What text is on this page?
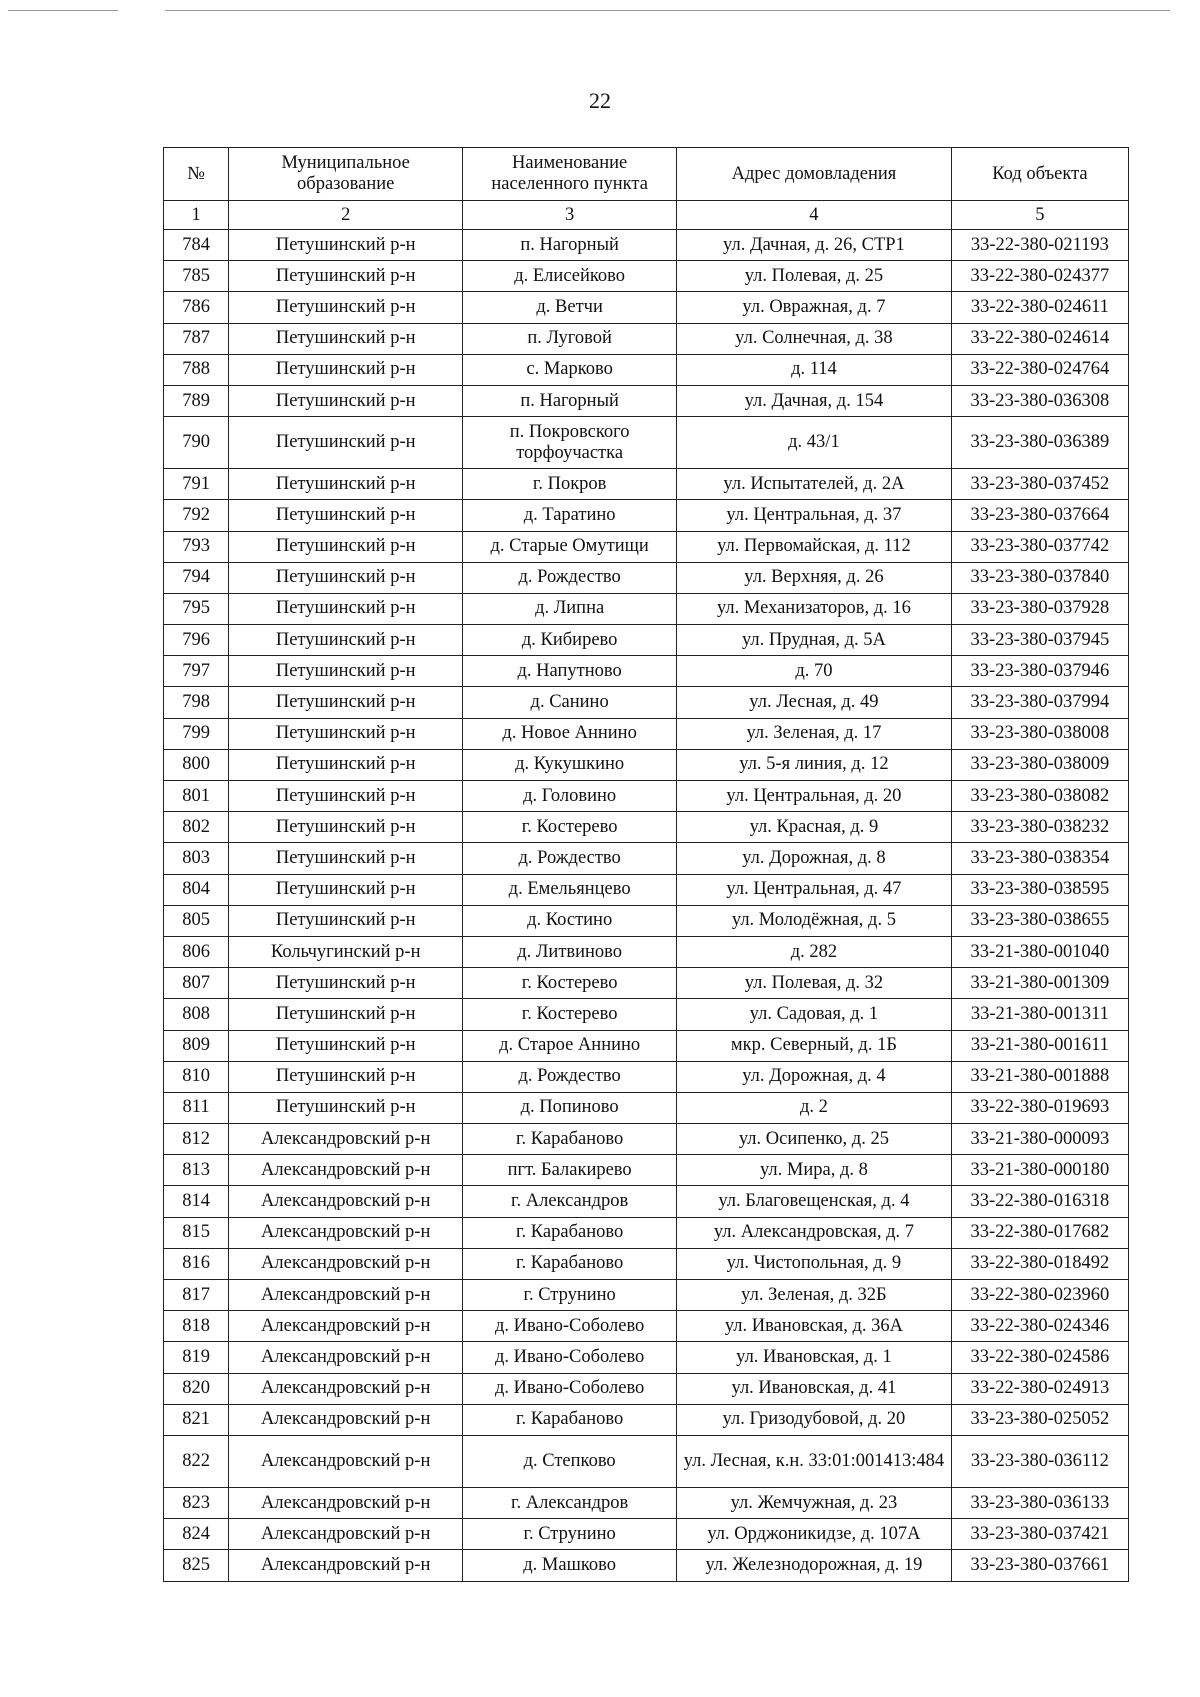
22
№	Муниципальное образование	Наименование населенного пункта	Адрес домовладения	Код объекта
1	2	3	4	5
784	Петушинский р-н	п. Нагорный	ул. Дачная, д. 26, СТР1	33-22-380-021193
785	Петушинский р-н	д. Елисейково	ул. Полевая, д. 25	33-22-380-024377
786	Петушинский р-н	д. Ветчи	ул. Овражная, д. 7	33-22-380-024611
787	Петушинский р-н	п. Луговой	ул. Солнечная, д. 38	33-22-380-024614
788	Петушинский р-н	с. Марково	д. 114	33-22-380-024764
789	Петушинский р-н	п. Нагорный	ул. Дачная, д. 154	33-23-380-036308
790	Петушинский р-н	п. Покровского торфоучастка	д. 43/1	33-23-380-036389
791	Петушинский р-н	г. Покров	ул. Испытателей, д. 2А	33-23-380-037452
792	Петушинский р-н	д. Таратино	ул. Центральная, д. 37	33-23-380-037664
793	Петушинский р-н	д. Старые Омутищи	ул. Первомайская, д. 112	33-23-380-037742
794	Петушинский р-н	д. Рождество	ул. Верхняя, д. 26	33-23-380-037840
795	Петушинский р-н	д. Липна	ул. Механизаторов, д. 16	33-23-380-037928
796	Петушинский р-н	д. Кибирево	ул. Прудная, д. 5А	33-23-380-037945
797	Петушинский р-н	д. Напутново	д. 70	33-23-380-037946
798	Петушинский р-н	д. Санино	ул. Лесная, д. 49	33-23-380-037994
799	Петушинский р-н	д. Новое Аннино	ул. Зеленая, д. 17	33-23-380-038008
800	Петушинский р-н	д. Кукушкино	ул. 5-я линия, д. 12	33-23-380-038009
801	Петушинский р-н	д. Головино	ул. Центральная, д. 20	33-23-380-038082
802	Петушинский р-н	г. Костерево	ул. Красная, д. 9	33-23-380-038232
803	Петушинский р-н	д. Рождество	ул. Дорожная, д. 8	33-23-380-038354
804	Петушинский р-н	д. Емельянцево	ул. Центральная, д. 47	33-23-380-038595
805	Петушинский р-н	д. Костино	ул. Молодёжная, д. 5	33-23-380-038655
806	Кольчугинский р-н	д. Литвиново	д. 282	33-21-380-001040
807	Петушинский р-н	г. Костерево	ул. Полевая, д. 32	33-21-380-001309
808	Петушинский р-н	г. Костерево	ул. Садовая, д. 1	33-21-380-001311
809	Петушинский р-н	д. Старое Аннино	мкр. Северный, д. 1Б	33-21-380-001611
810	Петушинский р-н	д. Рождество	ул. Дорожная, д. 4	33-21-380-001888
811	Петушинский р-н	д. Попиново	д. 2	33-22-380-019693
812	Александровский р-н	г. Карабаново	ул. Осипенко, д. 25	33-21-380-000093
813	Александровский р-н	пгт. Балакирево	ул. Мира, д. 8	33-21-380-000180
814	Александровский р-н	г. Александров	ул. Благовещенская, д. 4	33-22-380-016318
815	Александровский р-н	г. Карабаново	ул. Александровская, д. 7	33-22-380-017682
816	Александровский р-н	г. Карабаново	ул. Чистопольная, д. 9	33-22-380-018492
817	Александровский р-н	г. Струнино	ул. Зеленая, д. 32Б	33-22-380-023960
818	Александровский р-н	д. Ивано-Соболево	ул. Ивановская, д. 36А	33-22-380-024346
819	Александровский р-н	д. Ивано-Соболево	ул. Ивановская, д. 1	33-22-380-024586
820	Александровский р-н	д. Ивано-Соболево	ул. Ивановская, д. 41	33-22-380-024913
821	Александровский р-н	г. Карабаново	ул. Гризодубовой, д. 20	33-23-380-025052
822	Александровский р-н	д. Степково	ул. Лесная, к.н. 33:01:001413:484	33-23-380-036112
823	Александровский р-н	г. Александров	ул. Жемчужная, д. 23	33-23-380-036133
824	Александровский р-н	г. Струнино	ул. Орджоникидзе, д. 107А	33-23-380-037421
825	Александровский р-н	д. Машково	ул. Железнодорожная, д. 19	33-23-380-037661
